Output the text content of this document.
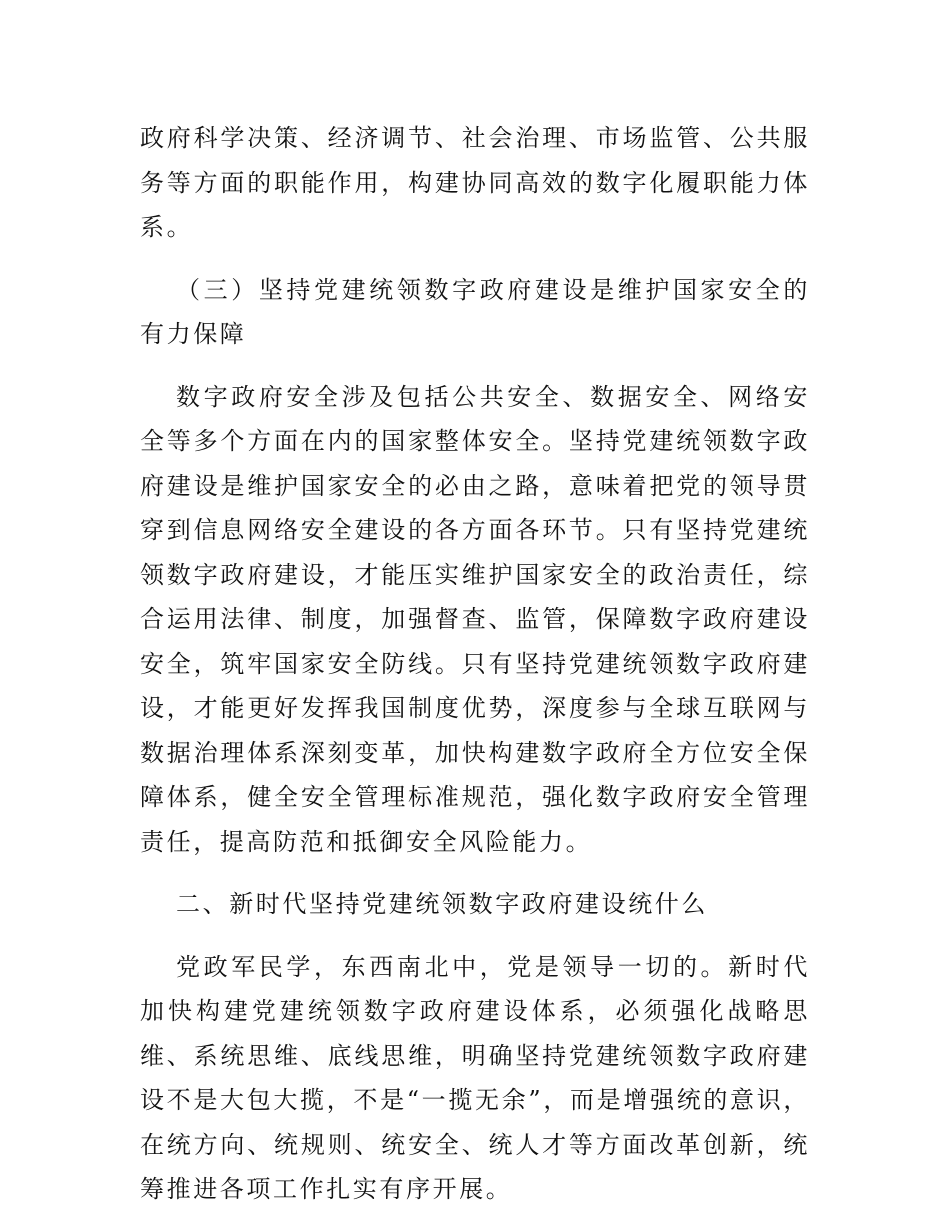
政府科学决策、经济调节、社会治理、市场监管、公共服务等方面的职能作用，构建协同高效的数字化履职能力体系。

（三）坚持党建统领数字政府建设是维护国家安全的有力保障

数字政府安全涉及包括公共安全、数据安全、网络安全等多个方面在内的国家整体安全。坚持党建统领数字政府建设是维护国家安全的必由之路，意味着把党的领导贯穿到信息网络安全建设的各方面各环节。只有坚持党建统领数字政府建设，才能压实维护国家安全的政治责任，综合运用法律、制度，加强督查、监管，保障数字政府建设安全，筑牢国家安全防线。只有坚持党建统领数字政府建设，才能更好发挥我国制度优势，深度参与全球互联网与数据治理体系深刻变革，加快构建数字政府全方位安全保障体系，健全安全管理标准规范，强化数字政府安全管理责任，提高防范和抵御安全风险能力。

二、新时代坚持党建统领数字政府建设统什么

党政军民学，东西南北中，党是领导一切的。新时代加快构建党建统领数字政府建设体系，必须强化战略思维、系统思维、底线思维，明确坚持党建统领数字政府建设不是大包大揽，不是“一揽无余”，而是增强统的意识，在统方向、统规则、统安全、统人才等方面改革创新，统筹推进各项工作扎实有序开展。
